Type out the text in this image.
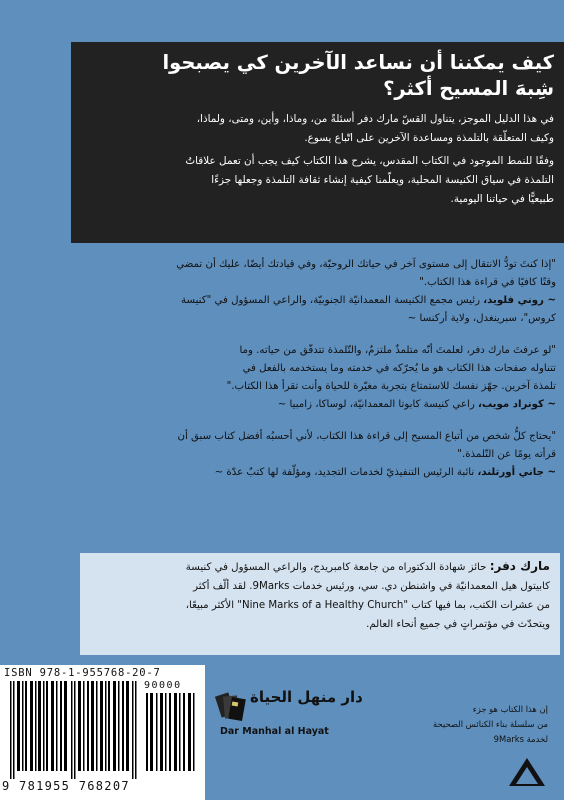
كيف يمكننا أن نساعد الآخرين كي يصبحوا
شِبهَ المسيح أكثر؟
في هذا الدليل الموجز، يتناول القسّ مارك دفر أسئلةً من، وماذا، وأين، ومتى، ولماذا،
وكيف المتعلّقة بالتلمذة ومساعدة الآخرين على اتّباع يسوع.
وفقًا للنمط الموجود في الكتاب المقدس، يشرح هذا الكتاب كيف يجب أن تعمل علاقاتُ
التلمذة في سياق الكنيسة المحلية، ويعلّمنا كيفية إنشاء ثقافة التلمذة وجعلها جزءًا
طبيعيًّا في حياتنا اليومية.
"إذا كنتَ تودُّ الانتقال إلى مستوى آخر في حياتك الروحيّة، وفي قيادتك أيضًا، عليك أن تمضي
وقتًا كافيًا في قراءة هذا الكتاب."
~ روني فلويد، رئيس مجمع الكنيسة المعمدانيّة الجنوبيّة، والراعي المسؤول في "كنيسة
كروس"، سبرينغدل، ولاية أركنسا ~
"لو عرفتَ مارك دفر، لعلمتَ أنّه متلمذٌ ملتزمٌ، والتّلمذة تتدفّق من حياته. وما
تتناوله صفحات هذا الكتاب هو ما يُحرّكه في خدمته وما يستخدمه بالفعل في
تلمذة آخرين. جهّز نفسك للاستمتاع بتجربة مغيّرة للحياة وأنت تقرأ هذا الكتاب."
~ كونراد مويب، راعي كنيسة كابوتا المعمدانيّة، لوساكا، زامبيا ~
"يحتاج كلُّ شخص من أتباع المسيح إلى قراءة هذا الكتاب، لأني أحسبُه أفضل كتاب سبق أن
قرأته يومًا عن التّلمذة."
~ جاني أورتلند، نائبة الرئيس التنفيذيّ لخدمات التجديد، ومؤلّفة لها كتبٌ عدّة ~
مارك دفر: حائز شهادة الدكتوراه من جامعة كامبريدج، والراعي المسؤول في كنيسة
كابيتول هيل المعمدانيّة في واشنطن دي. سي، ورئيس خدمات 9Marks. لقد ألّف أكثر
من عشرات الكتب، بما فيها كتاب "Nine Marks of a Healthy Church" الأكثر مبيعًا،
ويتحدّث في مؤتمراتٍ في جميع أنحاء العالم.
ISBN 978-1-955768-20-7
90000
9 781955 768207
دار منهل الحياة
Dar Manhal al Hayat
إن هذا الكتاب هو جزء
من سلسلة بناء الكنائس الصحيحة
لخدمة 9Marks
